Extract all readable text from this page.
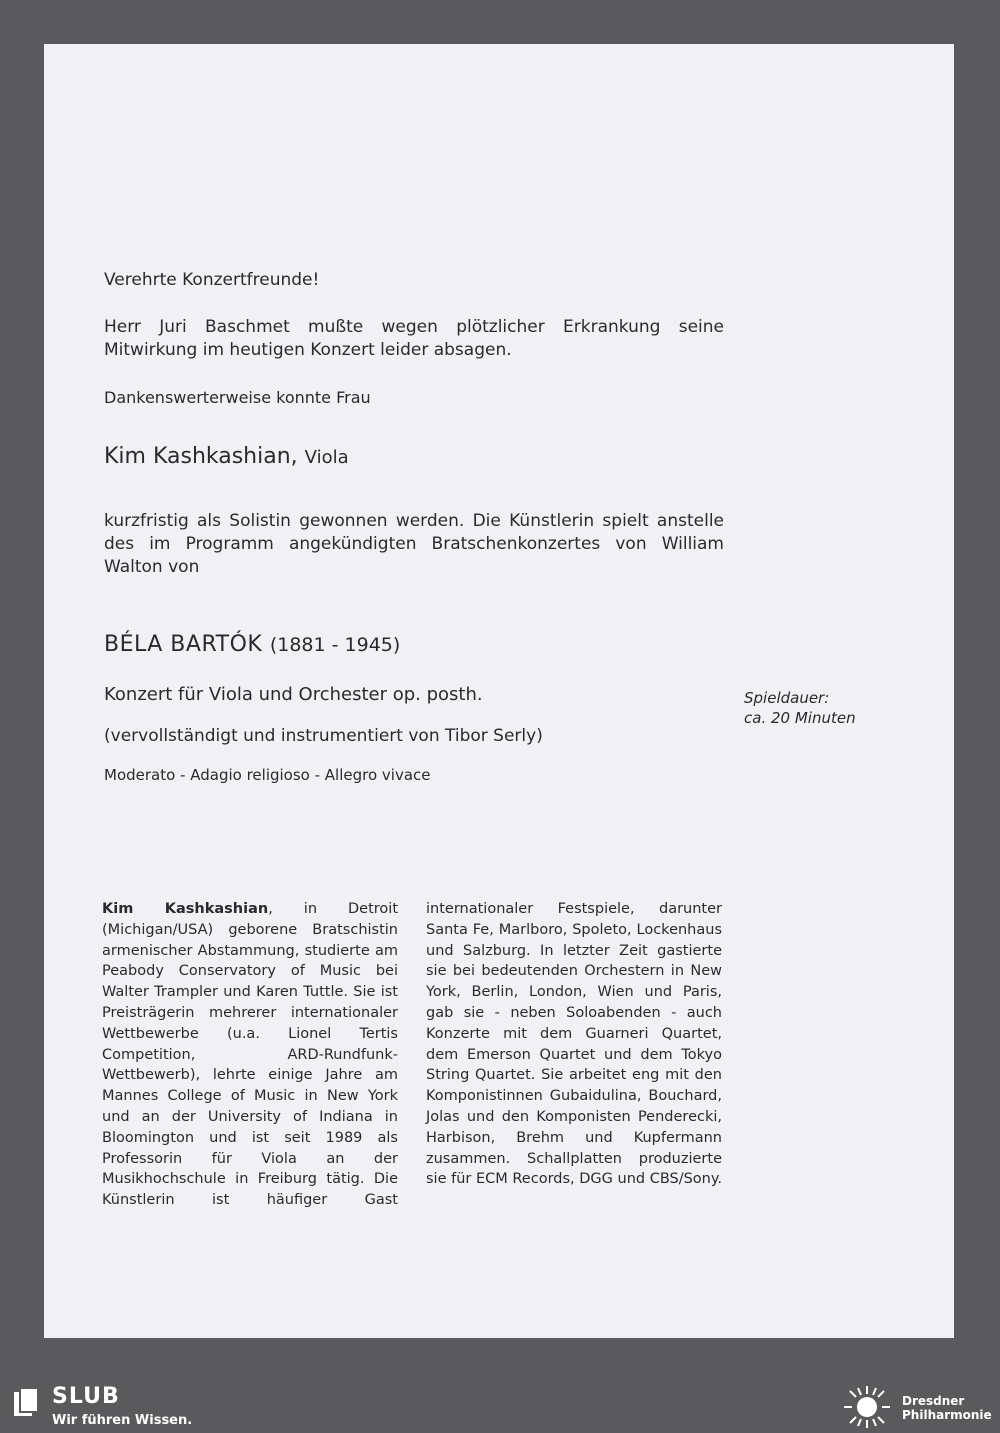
Verehrte Konzertfreunde!

Herr Juri Baschmet mußte wegen plötzlicher Erkrankung seine Mitwirkung im heutigen Konzert leider absagen.

Dankenswerterweise konnte Frau

Kim Kashkashian, Viola

kurzfristig als Solistin gewonnen werden. Die Künstlerin spielt anstelle des im Programm angekündigten Bratschenkonzertes von William Walton von

BÉLA BARTÓK (1881 - 1945)

Konzert für Viola und Orchester op. posth.

(vervollständigt und instrumentiert von Tibor Serly)

Moderato - Adagio religioso - Allegro vivace

Spieldauer:
ca. 20 Minuten
Kim Kashkashian, in Detroit (Michigan/USA) geborene Bratschistin armenischer Abstammung, studierte am Peabody Conservatory of Music bei Walter Trampler und Karen Tuttle. Sie ist Preisträgerin mehrerer internationaler Wettbewerbe (u.a. Lionel Tertis Competition, ARD-Rundfunk-Wettbewerb), lehrte einige Jahre am Mannes College of Music in New York und an der University of Indiana in Bloomington und ist seit 1989 als Professorin für Viola an der Musikhochschule in Freiburg tätig. Die Künstlerin ist häufiger Gast internationaler Festspiele, darunter Santa Fe, Marlboro, Spoleto, Lockenhaus und Salzburg. In letzter Zeit gastierte sie bei bedeutenden Orchestern in New York, Berlin, London, Wien und Paris, gab sie - neben Soloabenden - auch Konzerte mit dem Guarneri Quartet, dem Emerson Quartet und dem Tokyo String Quartet. Sie arbeitet eng mit den Komponistinnen Gubaidulina, Bouchard, Jolas und den Komponisten Penderecki, Harbison, Brehm und Kupfermann zusammen. Schallplatten produzierte sie für ECM Records, DGG und CBS/Sony.
SLUB
Wir führen Wissen.
Dresdner
Philharmonie
